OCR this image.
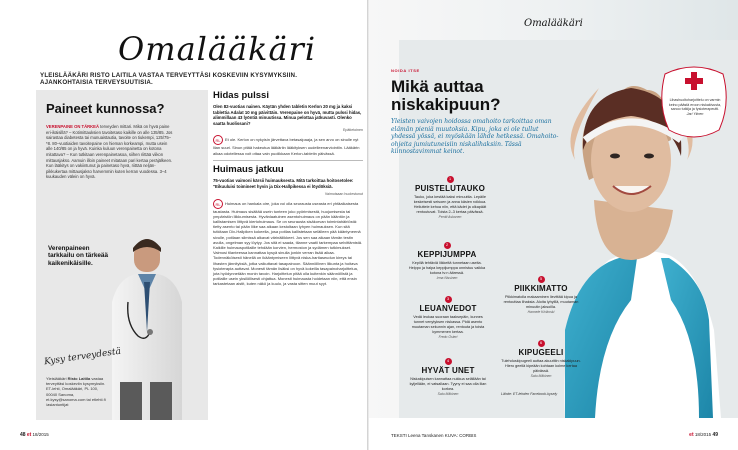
Omalääkäri
YLEISLÄÄKÄRI RISTO LAITILA VASTAA TERVEYTTÄSI KOSKEVIIN KYSYMYKSIIN. AJANKOHTAISIA TERVEYSUUTISIA.
Paineet kunnossa?
VERENPAINE ON TÄRKEÄ terveyden mittari. Mikä on hyvä paine eri-ikäisillä? – Kotimittauksien tavoitetaso kaikille on alle 135/85. Jos sairastaa diabetesta tai munuaistautia, tavoite on tiukempi, 125/75–*8. 80–vuotiaiden tavoitepaine on hieman korkeampi, mutta usein alle 140/85 on ja hyvä. Kuinka kuluun verenpainetta on kotona mitattava? – Kun tutkitaan verenpainetasoa, siihen riittää viikon mittausjakso. Aamuin illoin paineet mitataan pari kertaa peräjälkeen. Kun lääkitys on vakiintunut ja painetaso hyvä, riittää neljän-pikkukertaa mittausjakso harvemmin kuten kerran vuodessa. 3–4 kuukauden välein on hyvä.
Verenpaineen tarkkailu on tärkeää kaikenikäisille.
Kysy terveydestä
Yleislääkäri Risto Laitila vastaa terveyttäsi koskeviin kysymyksiin. ET-lehti, Omalääkäri, PL 100, 00040 Sanoma, et.kysy@sanoma.com tai etlehti.fi /asiantuntijat
Hidas pulssi
Olen 82-vuotias nainen. Käytän yhden tabletin Kerlon 20 mg ja kaksi tablettia Adalat 10 mg päivittäin. Verenpaine on hyvä, mutta pulssi hidas, alimmillaan 43 lyöntiä minuutissa. Minua pelottaa jatkuvasti. Olenko saatta huolissani?
Epätietoinen
RL Et ole. Kerlon on nykyisin järvettava betasalpaaja, ja sen arvo on sinulle nyt liian suuri. Sinun pitää hakeutua lääkäriin lääkityksen uudelleenarviointiin. Lääkärin aikaa odotellessa voit ottaa vain puolikkaan Kerlon-tabletin päivässä.
Huimaus jatkuu
75-vuotias vaimoni kärsii huimauksesta. Mitä tarkoittaa hoitosetolee: "Eikuuluisi toimineet hyvin ja Dix-Hallpikessa ei löydöksiä.
Vaimoisaan huolestunut
RL Huimaus on hankala oire, joka voi olla seurausta useasta eri yhtäaikaisesta taustasta. Huimaus sisältää usein tunteen joko pyörimisestä, huojumisesta tai ympäristön liikkumisesta. Hyvänlaatuinen asentohuimaus on pään kääntön ja kallistamisen liittyvä kiertohuimaus. Se on seurausta sisäkorvan toimintahäiriöstä: tietty asento tai pään liike saa aikaan kestoltaan lyhyen huimauksen. Kun sitä tutkitaan Dix-Hallpiken kokeella, josa potilas kallistetaan selälleen pää kääntyneenä sivulle, potilaan silmissä alkavat värinäliikkeet. Jos sen saa aikaan tämän testin avulla, ongelman syy löytyy. Jos sitä ei saada, tilanne vaatii tarkempaa selvittämistä. Kaikille huimauspotilaille tehdään korvien, hermoston ja sydämen tutkimukset. Vaimosi tilanteessa kannattaa kysyä sinulla jonkin verran lisää aikaa. Todennäköisesti hänellä on ikääntymiseen liittyvä niska-hartiaseudun kireys tai lihasten jännityksiä, jotka vaikuttavat tasapainoon. Säännöllinen liikunta ja hoitava fysioterapia auttavat. Monesti tämän lisäksi on hyvä kokeilla tasapainoharjoittelua, jota hyödynnetään monin tavoin. Harjoittelun pitää olla kuitenkin säännöllistä ja potilaille usein yksilöllisesti ohjattua. Monesti huimausta hoidetaan niin, että ensin tarkastetaan aistit, kuten näkö ja kuulo, ja vasta sitten muut syyt.
48 et 18/2015
Omalääkäri
NOIDA ITSE
Mikä auttaa niskakipuun?
Yleisten vaivojen hoidossa omahoito tarkoittaa oman elämän pieniä muutoksia. Kipu, joka ei ole tullut yhdessä yössä, ei myöskään lähde hetkessä. Omahoito-ohjeita jumiutuneisiin niskalihaksiin. Tässä kiinnostavimmat keinot.
Lihashuoltoharjoittelu on varmin keino päästä eroon niskakivusta, sanoo tutkija ja fysioterapeutti.
Jari Ylinen
1
PUISTELUTAUKO
Tauko, joka kestää kaksi minuuttia. Lepäile keskeisesti seisoen ja anna käsien roikkua. Heiluttele kehoa niin, että kädet ja olkapäät rentoutuvat. Toista 2–3 kertaa päivässä.
Pentti Askonen
2
KEPPIJUMPPA
Kepillä tehtäviä liikkeitä tunnetaan useita. Helppo ja halpa keppijumppa onnistuu vaikka kotona tv:n ääressä.
Irma Nissinen
3
LEUANVEDOT
Vedä leukaa suoraan taaksepäin, kunnes tunnet venytyksen niskassa. Pidä asento muutaman sekunnin ajan, rentouta ja toista kymmenen kertaa.
Fredo Österi
4
HYVÄT UNET
Niskakipuisen kannattaa nukkua selällään tai kyljellään, ei vatsallaan. Tyyny ei saa olla liian korkea.
Satu Mäkinen
5
PIIKKIMATTO
Piikkimatolla makaaminen lievittää kipua ja rentouttaa lihaksia. Aloita lyhyillä, muutaman minuutin jaksoilla.
Hannele Kivikoski
6
KIPUGEELI
Tulehduskipugeeli auttaa akuuttiin niskakipuun. Hiero geeliä kipeään kohtaan kolme kertaa päivässä.
Satu Mäkinen
Lähde: ET-lehden Facebook-kysely
TEKSTI Leena Tanskanen KUVA: CORBIS	et 18/2015 49
